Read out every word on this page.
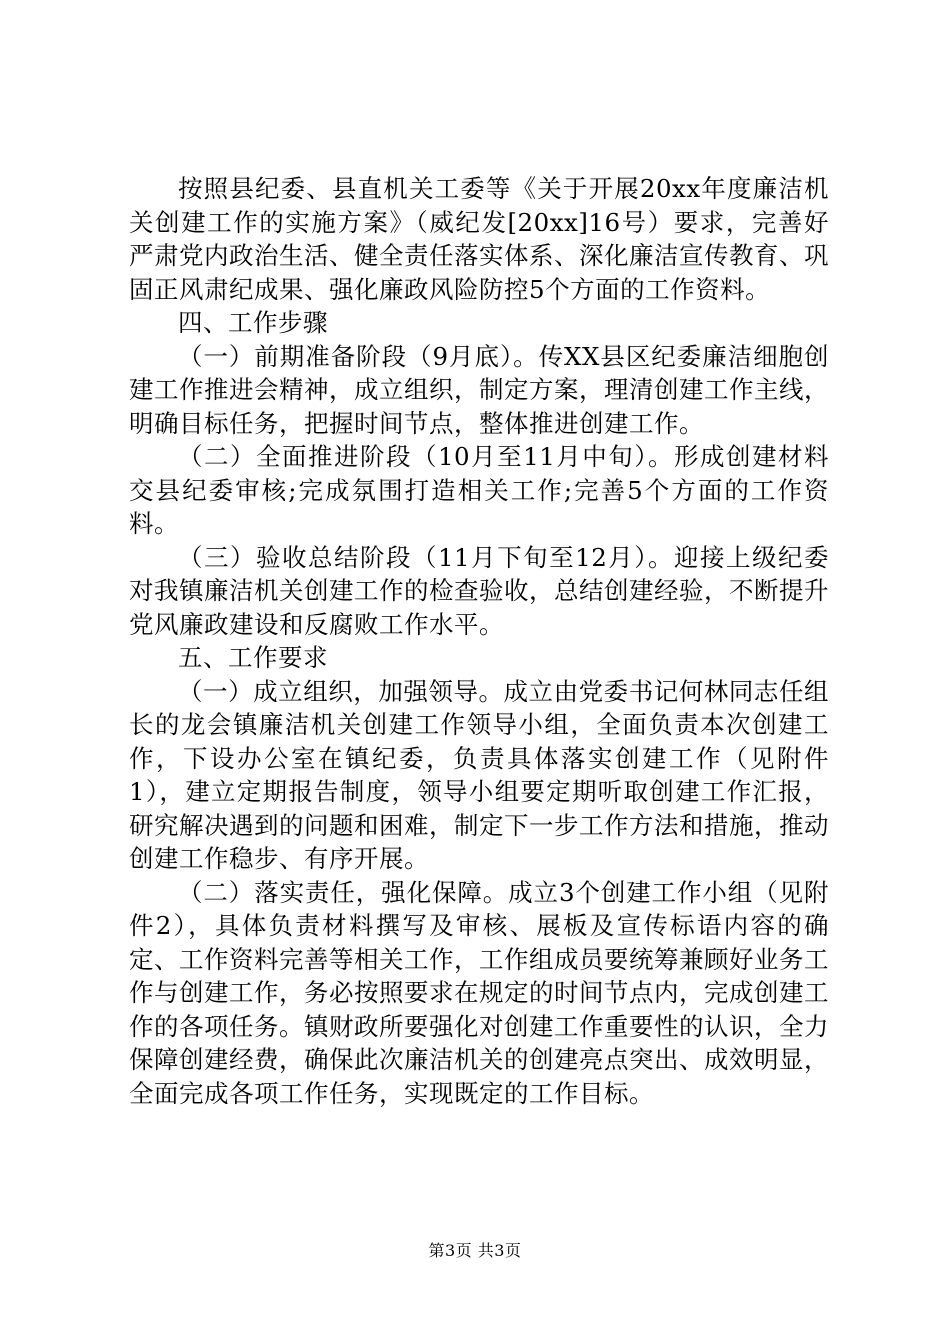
按照县纪委、县直机关工委等《关于开展20xx年度廉洁机关创建工作的实施方案》（威纪发[20xx]16号）要求，完善好严肃党内政治生活、健全责任落实体系、深化廉洁宣传教育、巩固正风肃纪成果、强化廉政风险防控5个方面的工作资料。

四、工作步骤

（一）前期准备阶段（9月底）。传XX县区纪委廉洁细胞创建工作推进会精神，成立组织，制定方案，理清创建工作主线，明确目标任务，把握时间节点，整体推进创建工作。

（二）全面推进阶段（10月至11月中旬）。形成创建材料交县纪委审核;完成氛围打造相关工作;完善5个方面的工作资料。

（三）验收总结阶段（11月下旬至12月）。迎接上级纪委对我镇廉洁机关创建工作的检查验收，总结创建经验，不断提升党风廉政建设和反腐败工作水平。

五、工作要求

（一）成立组织，加强领导。成立由党委书记何林同志任组长的龙会镇廉洁机关创建工作领导小组，全面负责本次创建工作，下设办公室在镇纪委，负责具体落实创建工作（见附件1），建立定期报告制度，领导小组要定期听取创建工作汇报，研究解决遇到的问题和困难，制定下一步工作方法和措施，推动创建工作稳步、有序开展。

（二）落实责任，强化保障。成立3个创建工作小组（见附件2），具体负责材料撰写及审核、展板及宣传标语内容的确定、工作资料完善等相关工作，工作组成员要统筹兼顾好业务工作与创建工作，务必按照要求在规定的时间节点内，完成创建工作的各项任务。镇财政所要强化对创建工作重要性的认识，全力保障创建经费，确保此次廉洁机关的创建亮点突出、成效明显，全面完成各项工作任务，实现既定的工作目标。

第3页 共3页
